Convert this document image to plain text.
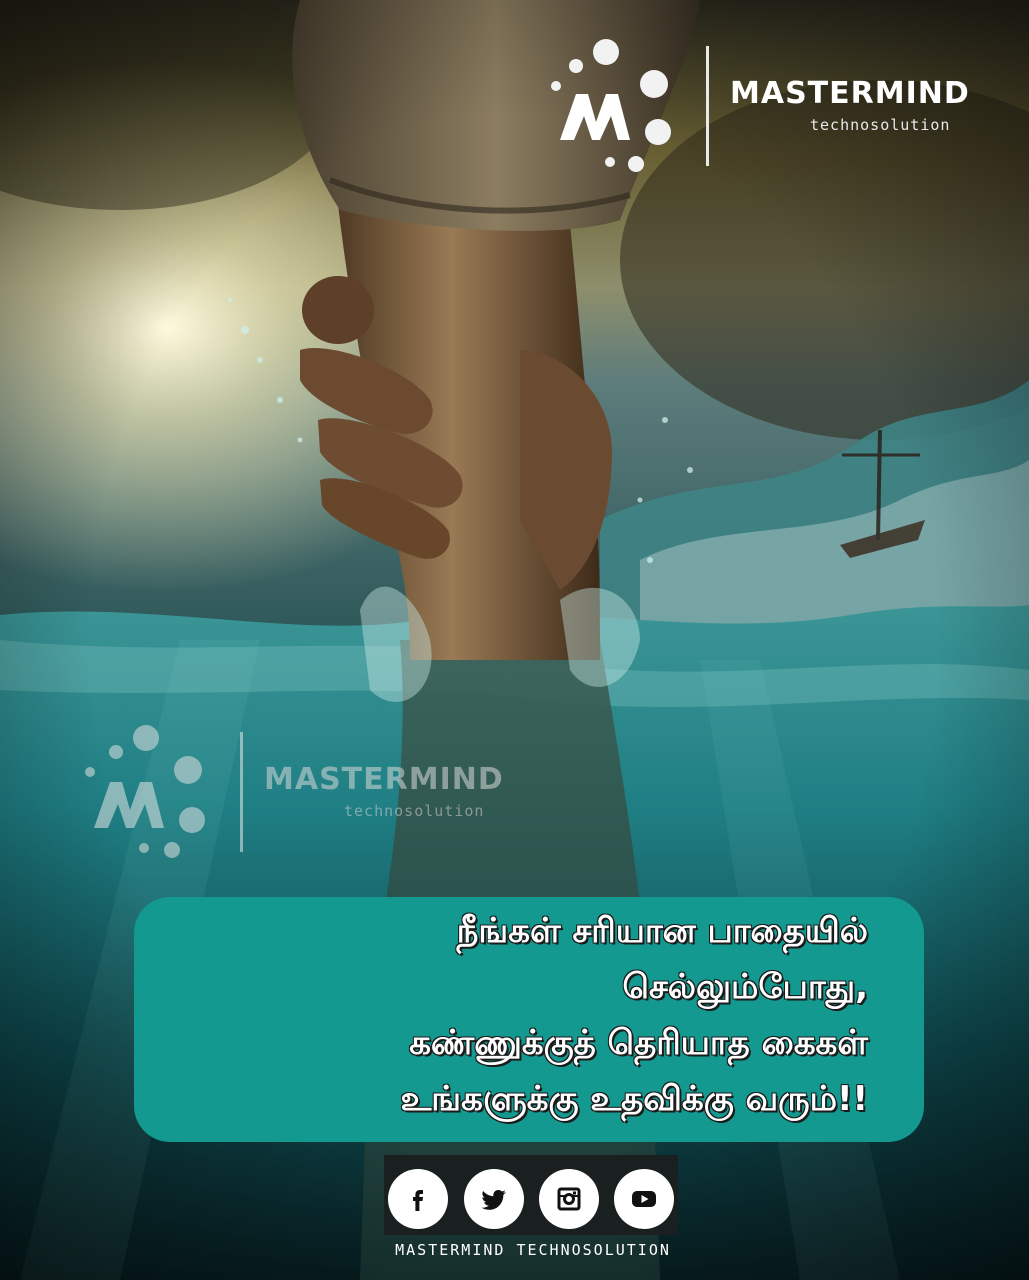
MASTERMIND
technosolution
MASTERMIND
technosolution

நீங்கள் சரியான பாதையில்

செல்லும்போது,

கண்ணுக்குத் தெரியாத கைகள்

உங்களுக்கு உதவிக்கு வரும்!!

MASTERMIND TECHNOSOLUTION
